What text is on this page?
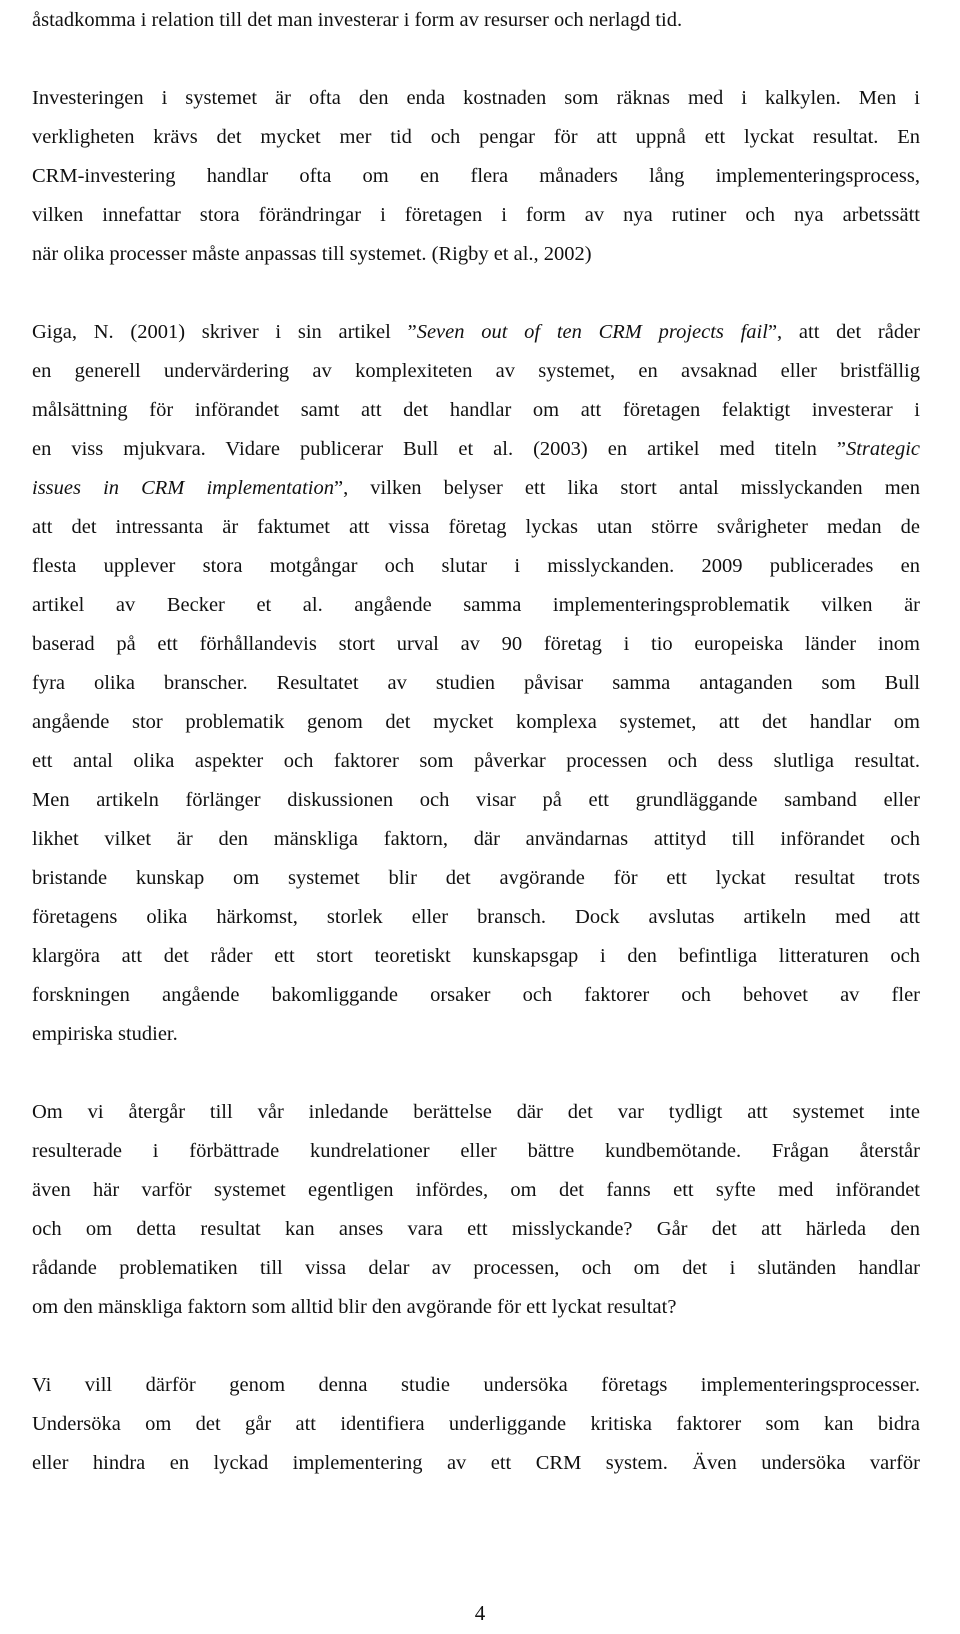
åstadkomma i relation till det man investerar i form av resurser och nerlagd tid.
Investeringen i systemet är ofta den enda kostnaden som räknas med i kalkylen. Men i
verkligheten krävs det mycket mer tid och pengar för att uppnå ett lyckat resultat. En
CRM-investering handlar ofta om en flera månaders lång implementeringsprocess,
vilken innefattar stora förändringar i företagen i form av nya rutiner och nya arbetssätt
när olika processer måste anpassas till systemet. (Rigby et al., 2002)
Giga, N. (2001) skriver i sin artikel ”Seven out of ten CRM projects fail”, att det råder
en generell undervärdering av komplexiteten av systemet, en avsaknad eller bristfällig
målsättning för införandet samt att det handlar om att företagen felaktigt investerar i
en viss mjukvara. Vidare publicerar Bull et al. (2003) en artikel med titeln ”Strategic
issues in CRM implementation”, vilken belyser ett lika stort antal misslyckanden men
att det intressanta är faktumet att vissa företag lyckas utan större svårigheter medan de
flesta upplever stora motgångar och slutar i misslyckanden. 2009 publicerades en
artikel av Becker et al. angående samma implementeringsproblematik vilken är
baserad på ett förhållandevis stort urval av 90 företag i tio europeiska länder inom
fyra olika branscher. Resultatet av studien påvisar samma antaganden som Bull
angående stor problematik genom det mycket komplexa systemet, att det handlar om
ett antal olika aspekter och faktorer som påverkar processen och dess slutliga resultat.
Men artikeln förlänger diskussionen och visar på ett grundläggande samband eller
likhet vilket är den mänskliga faktorn, där användarnas attityd till införandet och
bristande kunskap om systemet blir det avgörande för ett lyckat resultat trots
företagens olika härkomst, storlek eller bransch. Dock avslutas artikeln med att
klargöra att det råder ett stort teoretiskt kunskapsgap i den befintliga litteraturen och
forskningen angående bakomliggande orsaker och faktorer och behovet av fler
empiriska studier.
Om vi återgår till vår inledande berättelse där det var tydligt att systemet inte
resulterade i förbättrade kundrelationer eller bättre kundbemötande. Frågan återstår
även här varför systemet egentligen infördes, om det fanns ett syfte med införandet
och om detta resultat kan anses vara ett misslyckande? Går det att härleda den
rådande problematiken till vissa delar av processen, och om det i slutänden handlar
om den mänskliga faktorn som alltid blir den avgörande för ett lyckat resultat?
Vi vill därför genom denna studie undersöka företags implementeringsprocesser.
Undersöka om det går att identifiera underliggande kritiska faktorer som kan bidra
eller hindra en lyckad implementering av ett CRM system. Även undersöka varför
4
